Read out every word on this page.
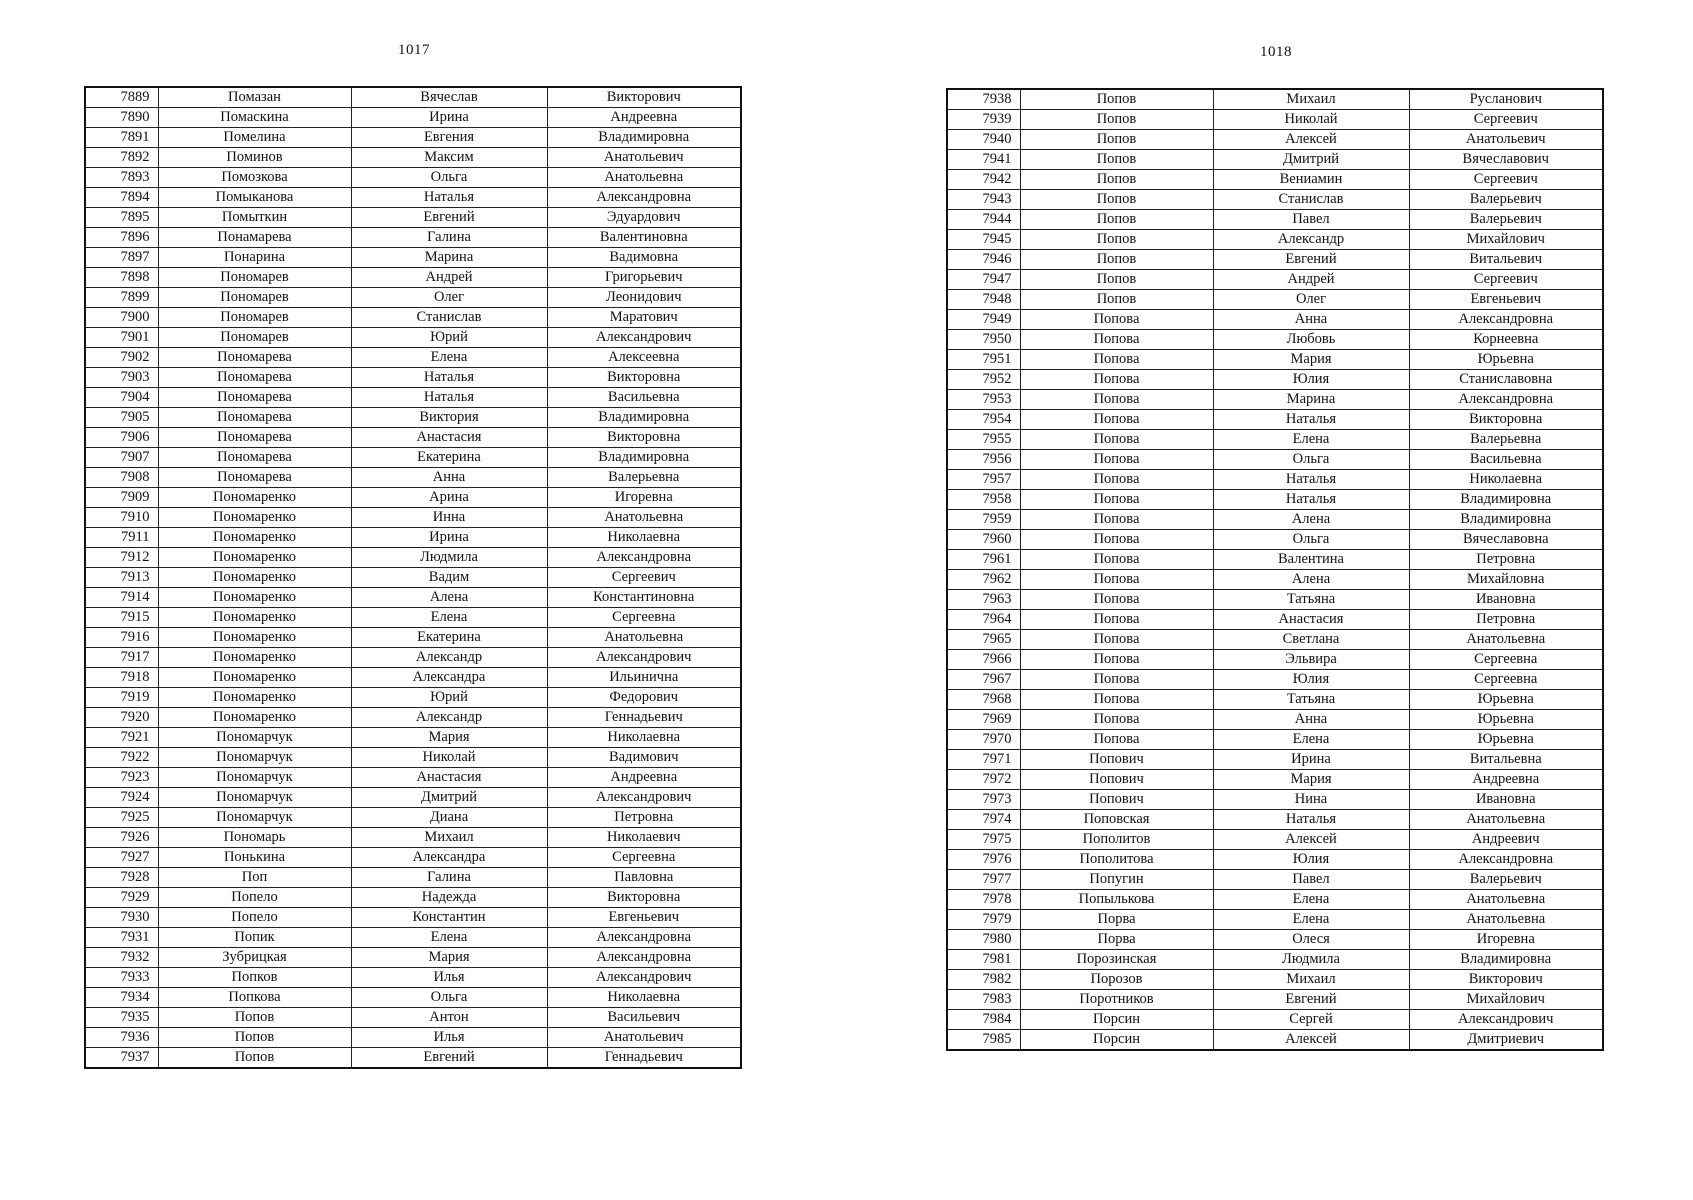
1017
7889	Помазан	Вячеслав	Викторович
7890	Помаскина	Ирина	Андреевна
7891	Помелина	Евгения	Владимировна
7892	Поминов	Максим	Анатольевич
7893	Помозкова	Ольга	Анатольевна
7894	Помыканова	Наталья	Александровна
7895	Помыткин	Евгений	Эдуардович
7896	Понамарева	Галина	Валентиновна
7897	Понарина	Марина	Вадимовна
7898	Пономарев	Андрей	Григорьевич
7899	Пономарев	Олег	Леонидович
7900	Пономарев	Станислав	Маратович
7901	Пономарев	Юрий	Александрович
7902	Пономарева	Елена	Алексеевна
7903	Пономарева	Наталья	Викторовна
7904	Пономарева	Наталья	Васильевна
7905	Пономарева	Виктория	Владимировна
7906	Пономарева	Анастасия	Викторовна
7907	Пономарева	Екатерина	Владимировна
7908	Пономарева	Анна	Валерьевна
7909	Пономаренко	Арина	Игоревна
7910	Пономаренко	Инна	Анатольевна
7911	Пономаренко	Ирина	Николаевна
7912	Пономаренко	Людмила	Александровна
7913	Пономаренко	Вадим	Сергеевич
7914	Пономаренко	Алена	Константиновна
7915	Пономаренко	Елена	Сергеевна
7916	Пономаренко	Екатерина	Анатольевна
7917	Пономаренко	Александр	Александрович
7918	Пономаренко	Александра	Ильинична
7919	Пономаренко	Юрий	Федорович
7920	Пономаренко	Александр	Геннадьевич
7921	Пономарчук	Мария	Николаевна
7922	Пономарчук	Николай	Вадимович
7923	Пономарчук	Анастасия	Андреевна
7924	Пономарчук	Дмитрий	Александрович
7925	Пономарчук	Диана	Петровна
7926	Пономарь	Михаил	Николаевич
7927	Понькина	Александра	Сергеевна
7928	Поп	Галина	Павловна
7929	Попело	Надежда	Викторовна
7930	Попело	Константин	Евгеньевич
7931	Попик	Елена	Александровна
7932	Зубрицкая	Мария	Александровна
7933	Попков	Илья	Александрович
7934	Попкова	Ольга	Николаевна
7935	Попов	Антон	Васильевич
7936	Попов	Илья	Анатольевич
7937	Попов	Евгений	Геннадьевич
1018
7938	Попов	Михаил	Русланович
7939	Попов	Николай	Сергеевич
7940	Попов	Алексей	Анатольевич
7941	Попов	Дмитрий	Вячеславович
7942	Попов	Вениамин	Сергеевич
7943	Попов	Станислав	Валерьевич
7944	Попов	Павел	Валерьевич
7945	Попов	Александр	Михайлович
7946	Попов	Евгений	Витальевич
7947	Попов	Андрей	Сергеевич
7948	Попов	Олег	Евгеньевич
7949	Попова	Анна	Александровна
7950	Попова	Любовь	Корнеевна
7951	Попова	Мария	Юрьевна
7952	Попова	Юлия	Станиславовна
7953	Попова	Марина	Александровна
7954	Попова	Наталья	Викторовна
7955	Попова	Елена	Валерьевна
7956	Попова	Ольга	Васильевна
7957	Попова	Наталья	Николаевна
7958	Попова	Наталья	Владимировна
7959	Попова	Алена	Владимировна
7960	Попова	Ольга	Вячеславовна
7961	Попова	Валентина	Петровна
7962	Попова	Алена	Михайловна
7963	Попова	Татьяна	Ивановна
7964	Попова	Анастасия	Петровна
7965	Попова	Светлана	Анатольевна
7966	Попова	Эльвира	Сергеевна
7967	Попова	Юлия	Сергеевна
7968	Попова	Татьяна	Юрьевна
7969	Попова	Анна	Юрьевна
7970	Попова	Елена	Юрьевна
7971	Попович	Ирина	Витальевна
7972	Попович	Мария	Андреевна
7973	Попович	Нина	Ивановна
7974	Поповская	Наталья	Анатольевна
7975	Пополитов	Алексей	Андреевич
7976	Пополитова	Юлия	Александровна
7977	Попугин	Павел	Валерьевич
7978	Попылькова	Елена	Анатольевна
7979	Порва	Елена	Анатольевна
7980	Порва	Олеся	Игоревна
7981	Порозинская	Людмила	Владимировна
7982	Порозов	Михаил	Викторович
7983	Поротников	Евгений	Михайлович
7984	Порсин	Сергей	Александрович
7985	Порсин	Алексей	Дмитриевич
